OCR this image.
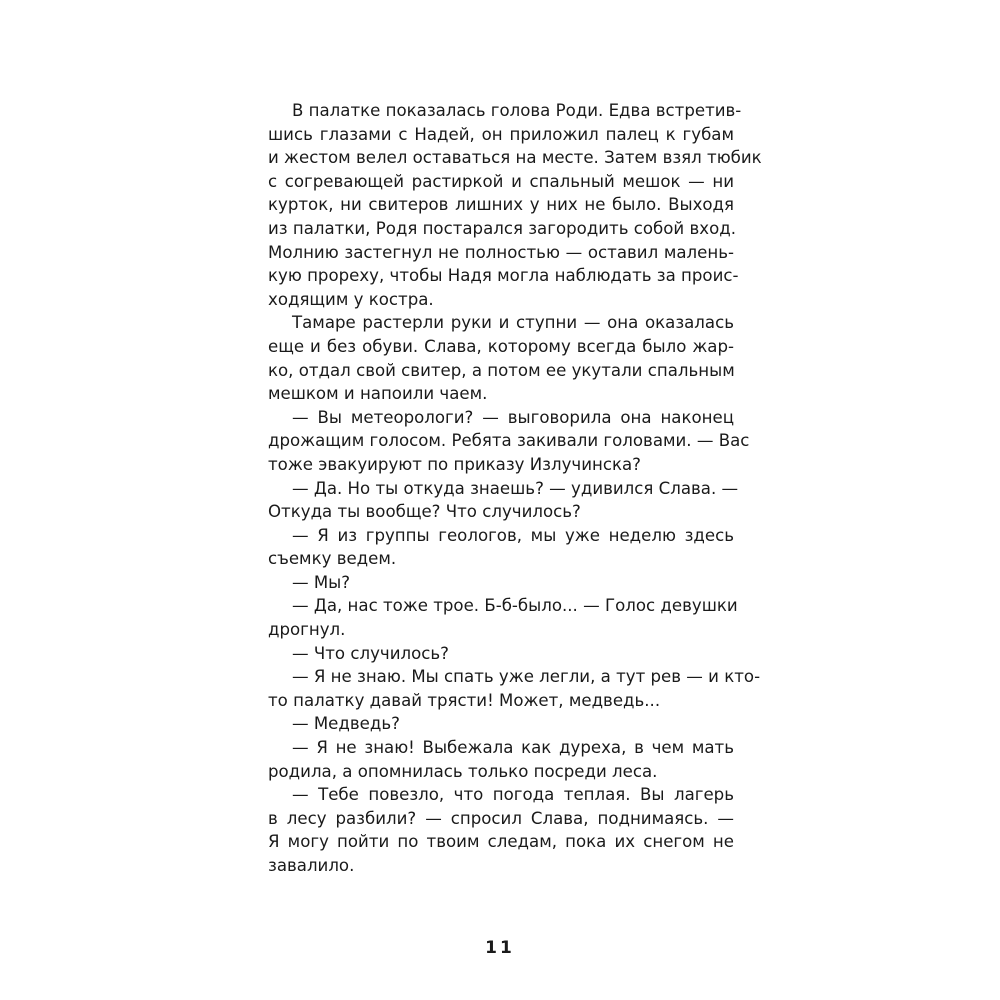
В палатке показалась голова Роди. Едва встретив-
шись глазами с Надей, он приложил палец к губам
и жестом велел оставаться на месте. Затем взял тюбик
с согревающей растиркой и спальный мешок — ни
курток, ни свитеров лишних у них не было. Выходя
из палатки, Родя постарался загородить собой вход.
Молнию застегнул не полностью — оставил малень-
кую прореху, чтобы Надя могла наблюдать за проис-
ходящим у костра.
Тамаре растерли руки и ступни — она оказалась
еще и без обуви. Слава, которому всегда было жар-
ко, отдал свой свитер, а потом ее укутали спальным
мешком и напоили чаем.
— Вы метеорологи? — выговорила она наконец
дрожащим голосом. Ребята закивали головами. — Вас
тоже эвакуируют по приказу Излучинска?
— Да. Но ты откуда знаешь? — удивился Слава. —
Откуда ты вообще? Что случилось?
— Я из группы геологов, мы уже неделю здесь
съемку ведем.
— Мы?
— Да, нас тоже трое. Б-б-было... — Голос девушки
дрогнул.
— Что случилось?
— Я не знаю. Мы спать уже легли, а тут рев — и кто-
то палатку давай трясти! Может, медведь...
— Медведь?
— Я не знаю! Выбежала как дуреха, в чем мать
родила, а опомнилась только посреди леса.
— Тебе повезло, что погода теплая. Вы лагерь
в лесу разбили? — спросил Слава, поднимаясь. —
Я могу пойти по твоим следам, пока их снегом не
завалило.
11
